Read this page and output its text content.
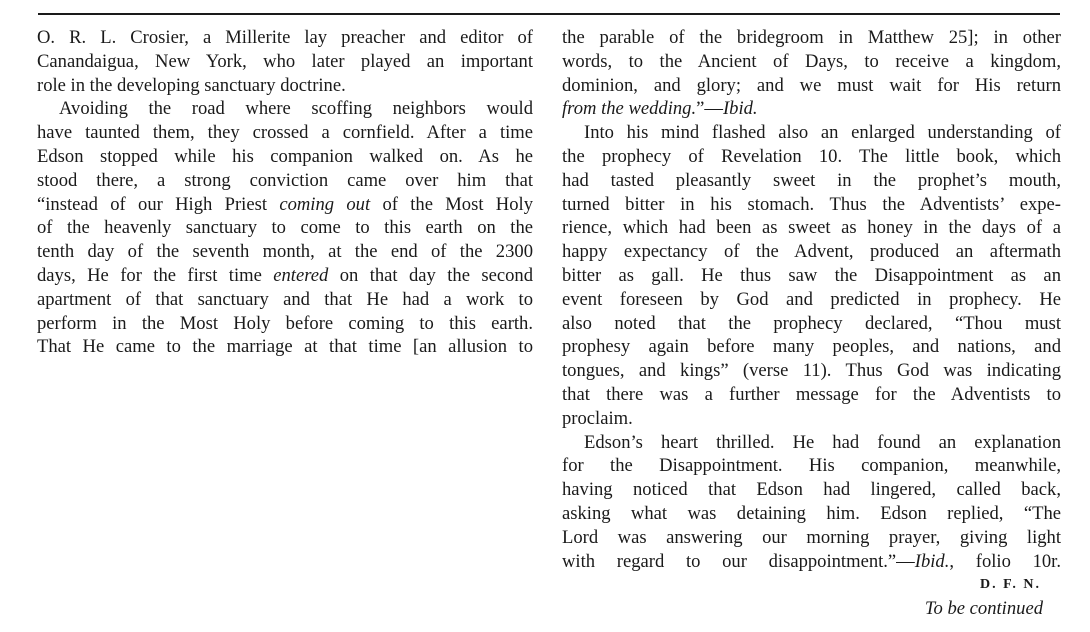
O. R. L. Crosier, a Millerite lay preacher and editor of
Canandaigua, New York, who later played an important
role in the developing sanctuary doctrine.
Avoiding the road where scoffing neighbors would
have taunted them, they crossed a cornfield. After a time
Edson stopped while his companion walked on. As he
stood there, a strong conviction came over him that
“instead of our High Priest coming out of the Most Holy
of the heavenly sanctuary to come to this earth on the
tenth day of the seventh month, at the end of the 2300
days, He for the first time entered on that day the second
apartment of that sanctuary and that He had a work to
perform in the Most Holy before coming to this earth.
That He came to the marriage at that time [an allusion to
the parable of the bridegroom in Matthew 25]; in other
words, to the Ancient of Days, to receive a kingdom,
dominion, and glory; and we must wait for His return
from the wedding.”—Ibid.
Into his mind flashed also an enlarged understanding of
the prophecy of Revelation 10. The little book, which
had tasted pleasantly sweet in the prophet’s mouth,
turned bitter in his stomach. Thus the Adventists’ expe-
rience, which had been as sweet as honey in the days of a
happy expectancy of the Advent, produced an aftermath
bitter as gall. He thus saw the Disappointment as an
event foreseen by God and predicted in prophecy. He
also noted that the prophecy declared, “Thou must
prophesy again before many peoples, and nations, and
tongues, and kings” (verse 11). Thus God was indicating
that there was a further message for the Adventists to
proclaim.
Edson’s heart thrilled. He had found an explanation
for the Disappointment. His companion, meanwhile,
having noticed that Edson had lingered, called back,
asking what was detaining him. Edson replied, “The
Lord was answering our morning prayer, giving light
with regard to our disappointment.”—Ibid., folio 10r.
D. F. N.
To be continued
